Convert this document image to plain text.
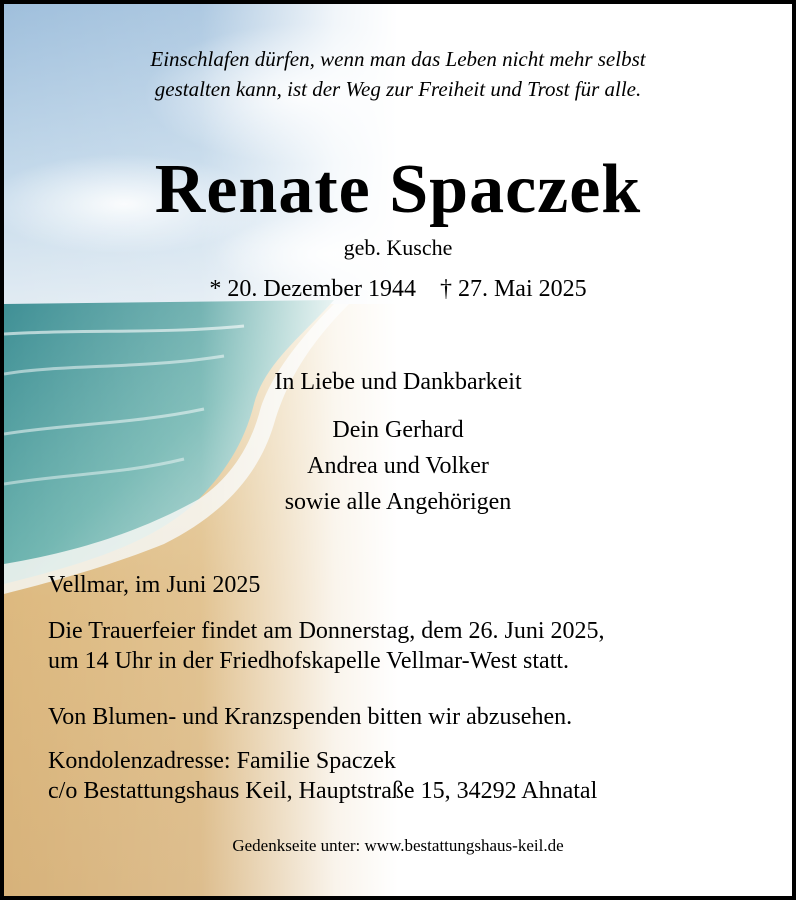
Einschlafen dürfen, wenn man das Leben nicht mehr selbst
gestalten kann, ist der Weg zur Freiheit und Trost für alle.
Renate Spaczek
geb. Kusche
* 20. Dezember 1944 † 27. Mai 2025
In Liebe und Dankbarkeit
Dein Gerhard
Andrea und Volker
sowie alle Angehörigen
Vellmar, im Juni 2025
Die Trauerfeier findet am Donnerstag, dem 26. Juni 2025,
um 14 Uhr in der Friedhofskapelle Vellmar-West statt.
Von Blumen- und Kranzspenden bitten wir abzusehen.
Kondolenzadresse: Familie Spaczek
c/o Bestattungshaus Keil, Hauptstraße 15, 34292 Ahnatal
Gedenkseite unter: www.bestattungshaus-keil.de
